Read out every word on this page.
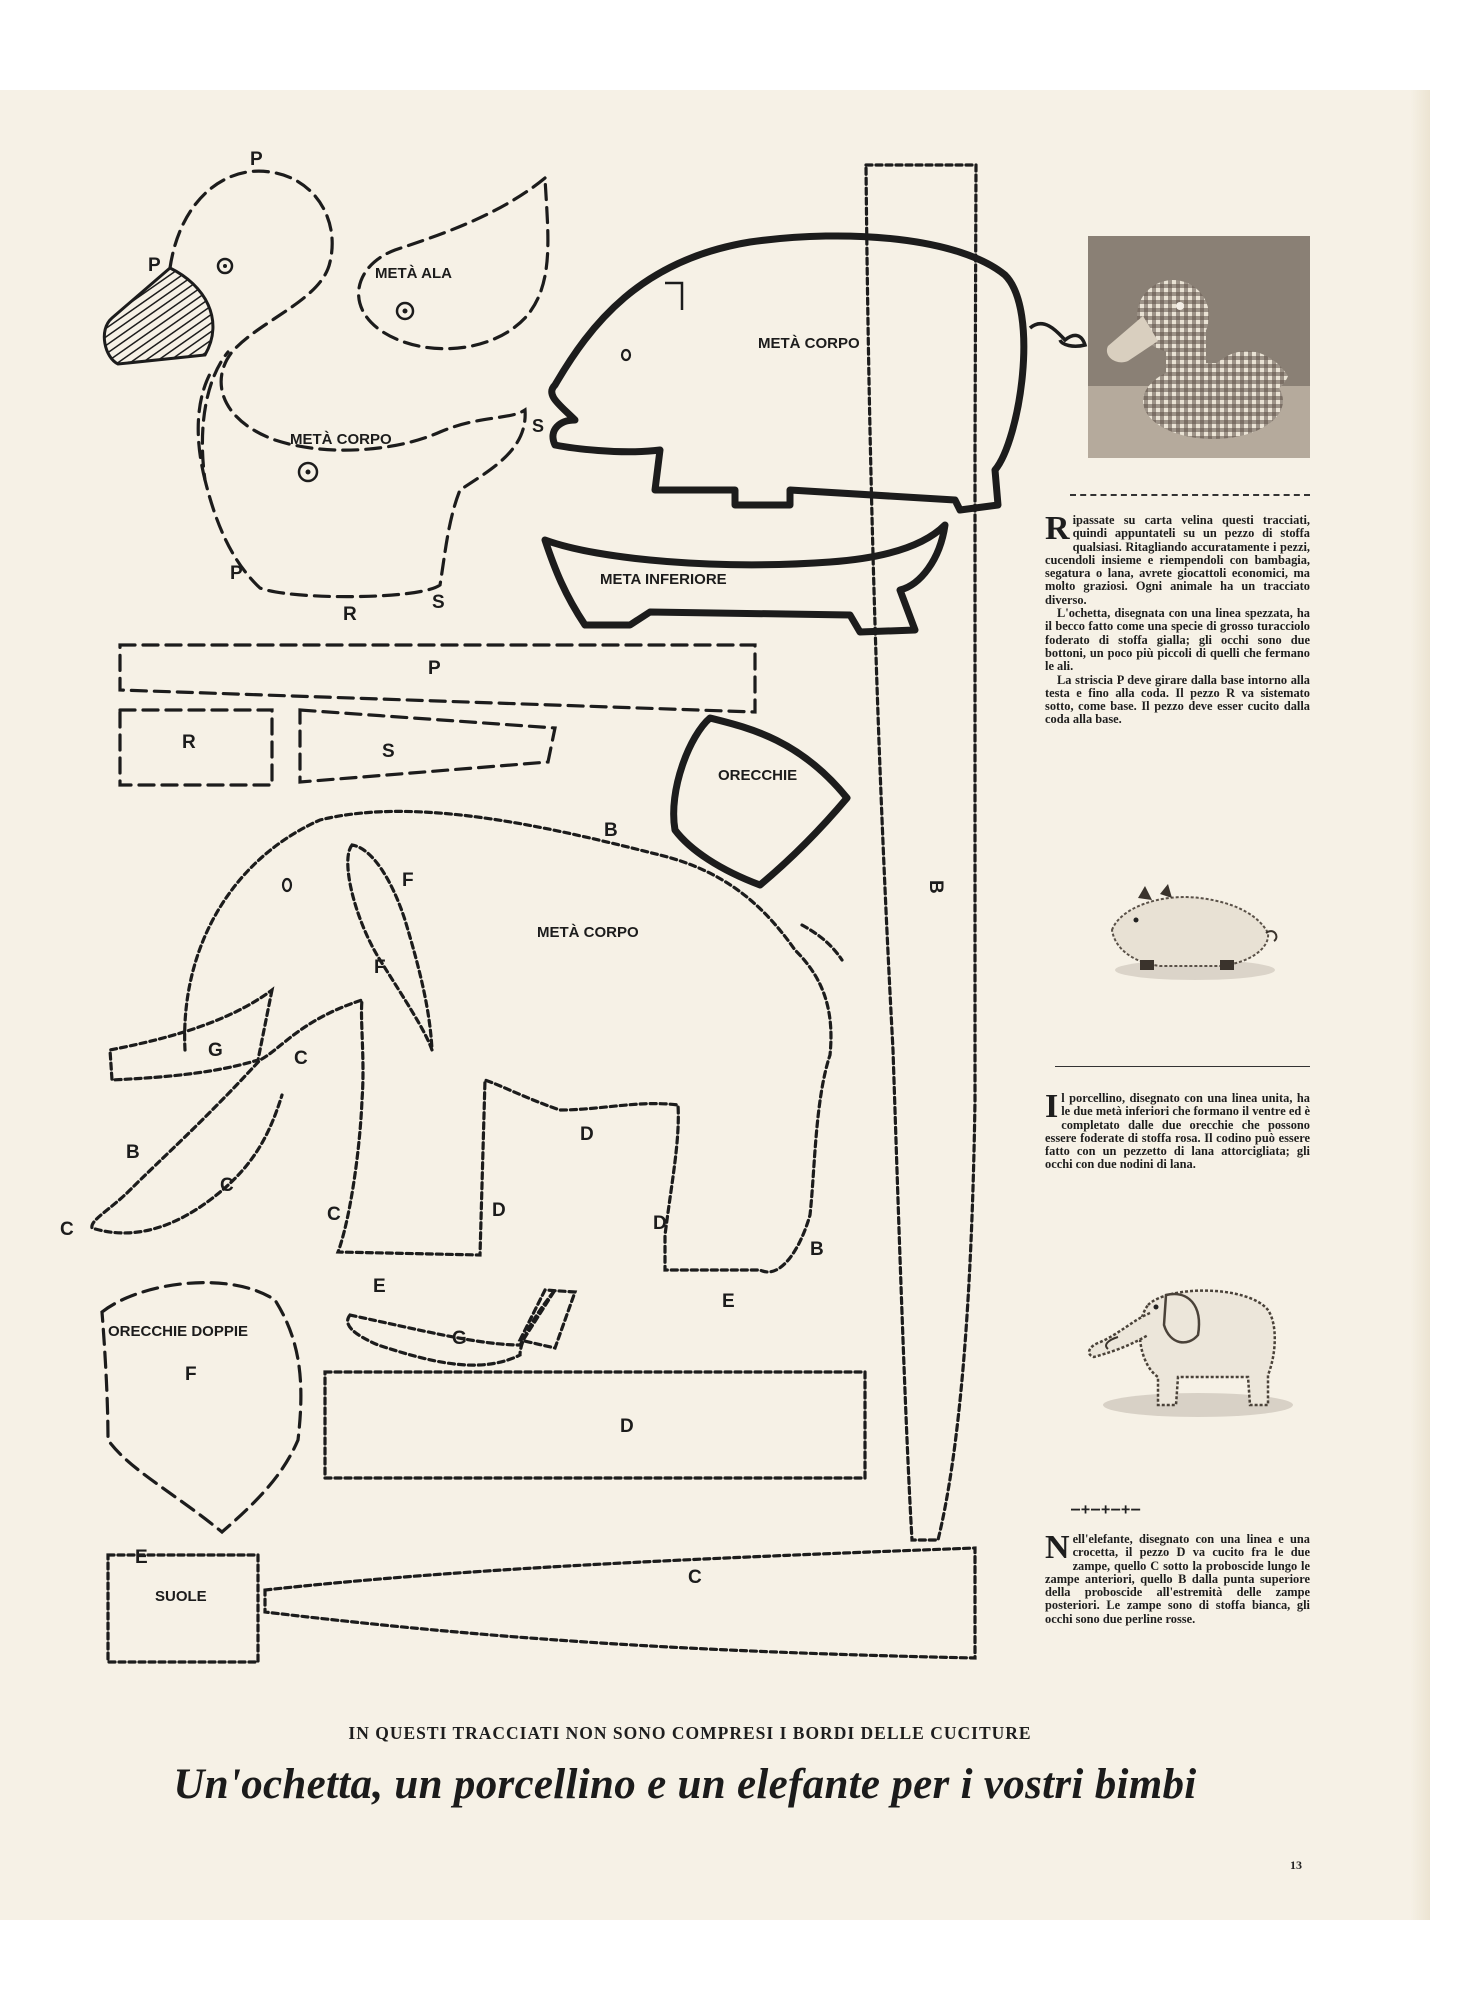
P
P	METÀ ALA
METÀ CORPO
S
P
R
S
P
R	S
METÀ CORPO
META INFERIORE
ORECCHIE
B
METÀ CORPO
F
F
G	C
B
C
C
C
D
D
D
B
E
E
G
ORECCHIE DOPPIE
F
D
E
SUOLE
C
B
—+—+—+—
R ipassate su carta velina questi tracciati, quindi appuntateli su un pezzo di stoffa qualsiasi. Ritagliando accuratamente i pezzi, cucendoli insieme e riempendoli con bambagia, segatura o lana, avrete giocattoli economici, ma molto graziosi. Ogni animale ha un tracciato diverso.

L'ochetta, disegnata con una linea spezzata, ha il becco fatto come una specie di grosso turacciolo foderato di stoffa gialla; gli occhi sono due bottoni, un poco più piccoli di quelli che fermano le ali.

La striscia P deve girare dalla base intorno alla testa e fino alla coda. Il pezzo R va sistemato sotto, come base. Il pezzo deve esser cucito dalla coda alla base.

I l porcellino, disegnato con una linea unita, ha le due metà inferiori che formano il ventre ed è completato dalle due orecchie che possono essere foderate di stoffa rosa. Il codino può essere fatto con un pezzetto di lana attorcigliata; gli occhi con due nodini di lana.

N ell'elefante, disegnato con una linea e una crocetta, il pezzo D va cucito fra le due zampe, quello C sotto la proboscide lungo le zampe anteriori, quello B dalla punta superiore della proboscide all'estremità delle zampe posteriori. Le zampe sono di stoffa bianca, gli occhi sono due perline rosse.

IN QUESTI TRACCIATI NON SONO COMPRESI I BORDI DELLE CUCITURE

Un'ochetta, un porcellino e un elefante per i vostri bimbi
13
